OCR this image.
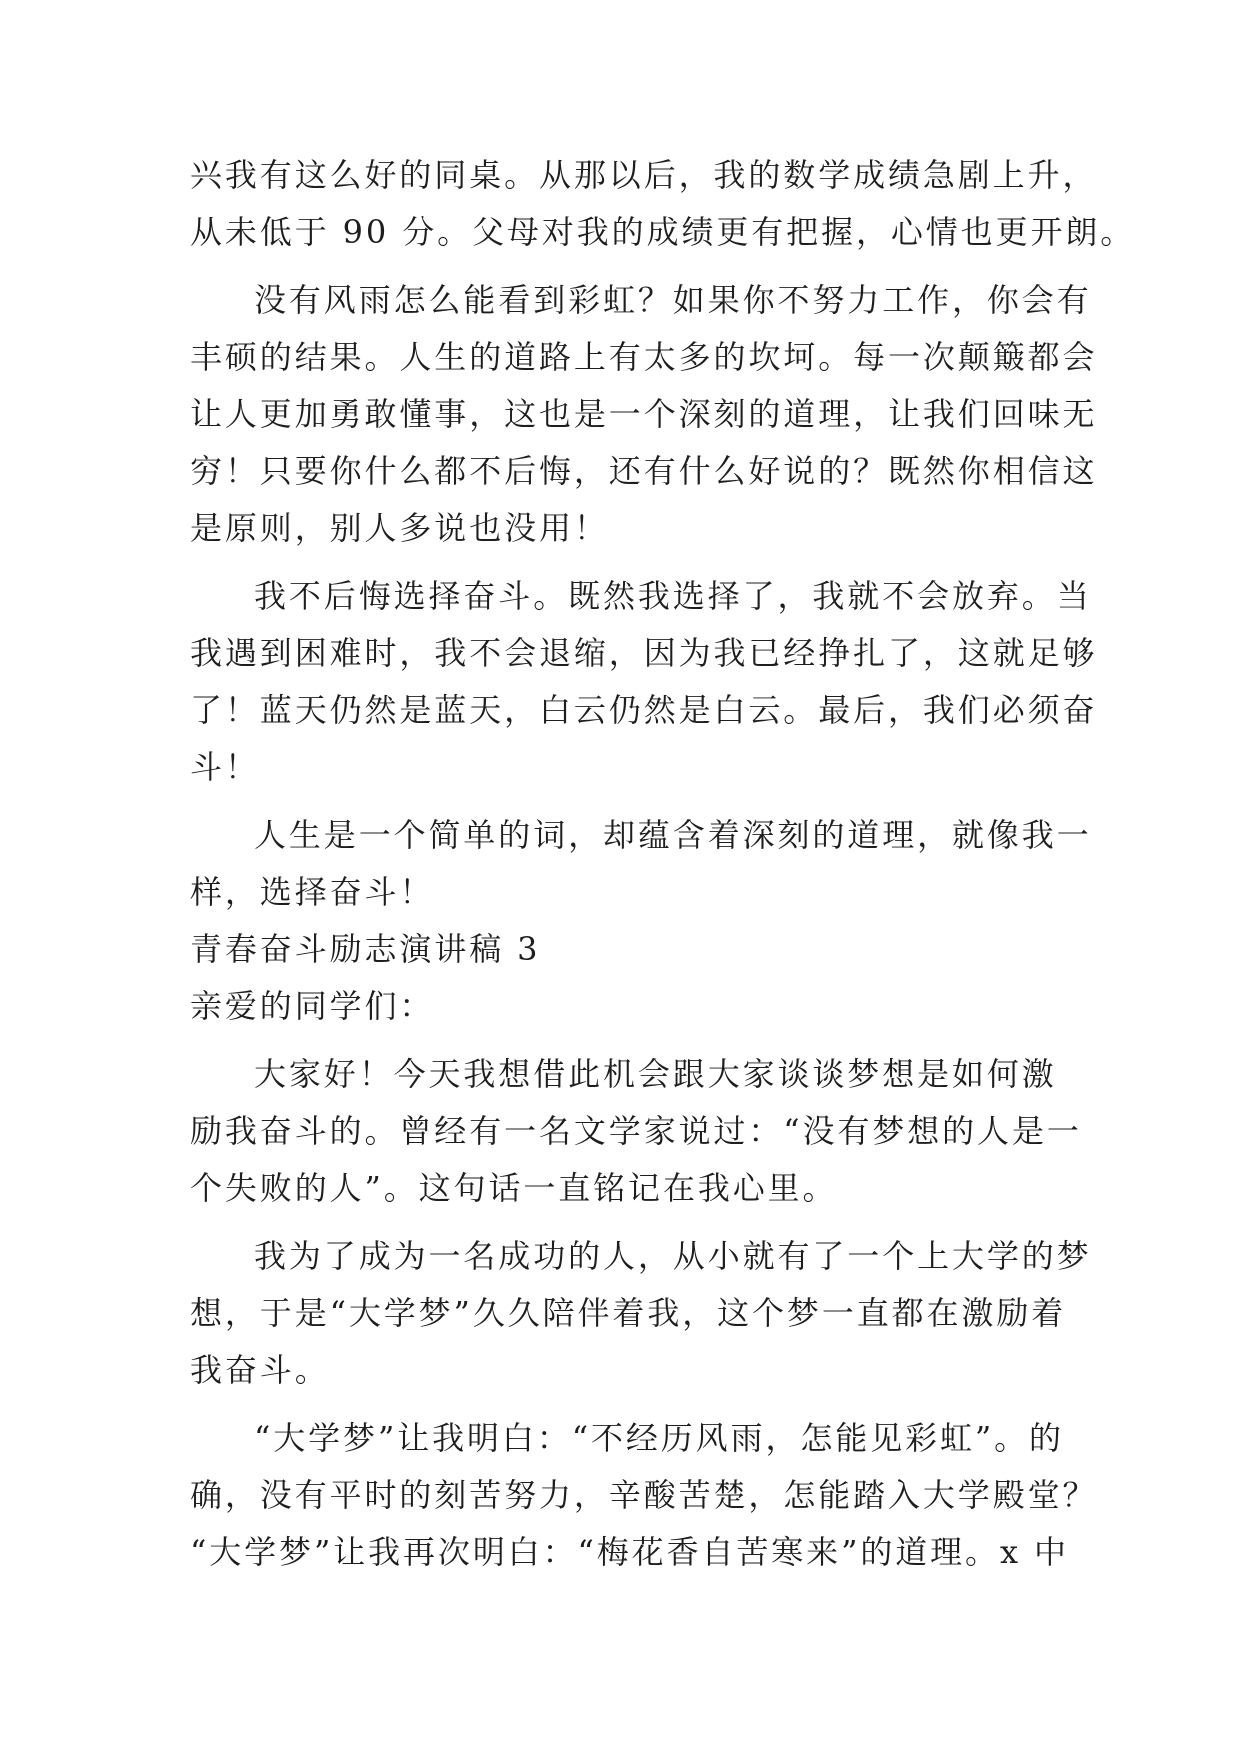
兴我有这么好的同桌。从那以后，我的数学成绩急剧上升，
从未低于 90 分。父母对我的成绩更有把握，心情也更开朗。
没有风雨怎么能看到彩虹？如果你不努力工作，你会有
丰硕的结果。人生的道路上有太多的坎坷。每一次颠簸都会
让人更加勇敢懂事，这也是一个深刻的道理，让我们回味无
穷！只要你什么都不后悔，还有什么好说的？既然你相信这
是原则，别人多说也没用！
我不后悔选择奋斗。既然我选择了，我就不会放弃。当
我遇到困难时，我不会退缩，因为我已经挣扎了，这就足够
了！蓝天仍然是蓝天，白云仍然是白云。最后，我们必须奋
斗！
人生是一个简单的词，却蕴含着深刻的道理，就像我一
样，选择奋斗！
青春奋斗励志演讲稿 3
亲爱的同学们：
大家好！今天我想借此机会跟大家谈谈梦想是如何激
励我奋斗的。曾经有一名文学家说过：“没有梦想的人是一
个失败的人”。这句话一直铭记在我心里。
我为了成为一名成功的人，从小就有了一个上大学的梦
想，于是“大学梦”久久陪伴着我，这个梦一直都在激励着
我奋斗。
“大学梦”让我明白：“不经历风雨，怎能见彩虹”。的
确，没有平时的刻苦努力，辛酸苦楚，怎能踏入大学殿堂？
“大学梦”让我再次明白：“梅花香自苦寒来”的道理。x 中
